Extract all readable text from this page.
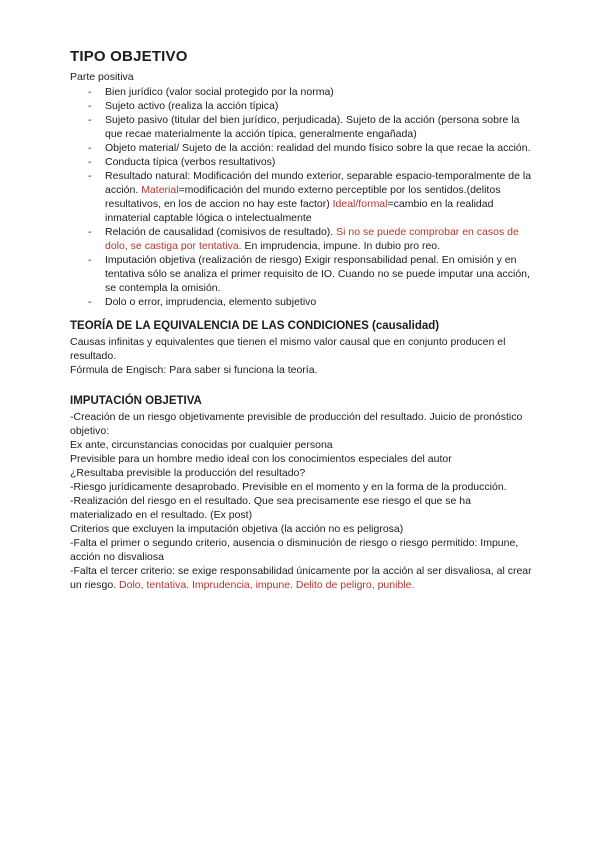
TIPO OBJETIVO

Parte positiva

- Bien jurídico (valor social protegido por la norma)
- Sujeto activo (realiza la acción típica)
- Sujeto pasivo (titular del bien jurídico, perjudicada). Sujeto de la acción (persona sobre la que recae materialmente la acción típica, generalmente engañada)
- Objeto material/ Sujeto de la acción: realidad del mundo físico sobre la que recae la acción.
- Conducta típica (verbos resultativos)
- Resultado natural: Modificación del mundo exterior, separable espacio-temporalmente de la acción. Material=modificación del mundo externo perceptible por los sentidos.(delitos resultativos, en los de accion no hay este factor) Ideal/formal=cambio en la realidad inmaterial captable lógica o intelectualmente
- Relación de causalidad (comisivos de resultado). Si no se puede comprobar en casos de dolo, se castiga por tentativa. En imprudencia, impune. In dubio pro reo.
- Imputación objetiva (realización de riesgo) Exigir responsabilidad penal. En omisión y en tentativa sólo se analiza el primer requisito de IO. Cuando no se puede imputar una acción, se contempla la omisión.
- Dolo o error, imprudencia, elemento subjetivo
TEORÍA DE LA EQUIVALENCIA DE LAS CONDICIONES (causalidad)

Causas infinitas y equivalentes que tienen el mismo valor causal que en conjunto producen el resultado.

Fórmula de Engisch: Para saber si funciona la teoría.

IMPUTACIÓN OBJETIVA

-Creación de un riesgo objetivamente previsible de producción del resultado. Juicio de pronóstico objetivo:

Ex ante, circunstancias conocidas por cualquier persona

Previsible para un hombre medio ideal con los conocimientos especiales del autor

¿Resultaba previsible la producción del resultado?

-Riesgo jurídicamente desaprobado. Previsible en el momento y en la forma de la producción.

-Realización del riesgo en el resultado. Que sea precisamente ese riesgo el que se ha materializado en el resultado. (Ex post)

Criterios que excluyen la imputación objetiva (la acción no es peligrosa)

-Falta el primer o segundo criterio, ausencia o disminución de riesgo o riesgo permitido: Impune, acción no disvaliosa

-Falta el tercer criterio: se exige responsabilidad únicamente por la acción al ser disvaliosa, al crear un riesgo. Dolo, tentativa. Imprudencia, impune. Delito de peligro, punible.
